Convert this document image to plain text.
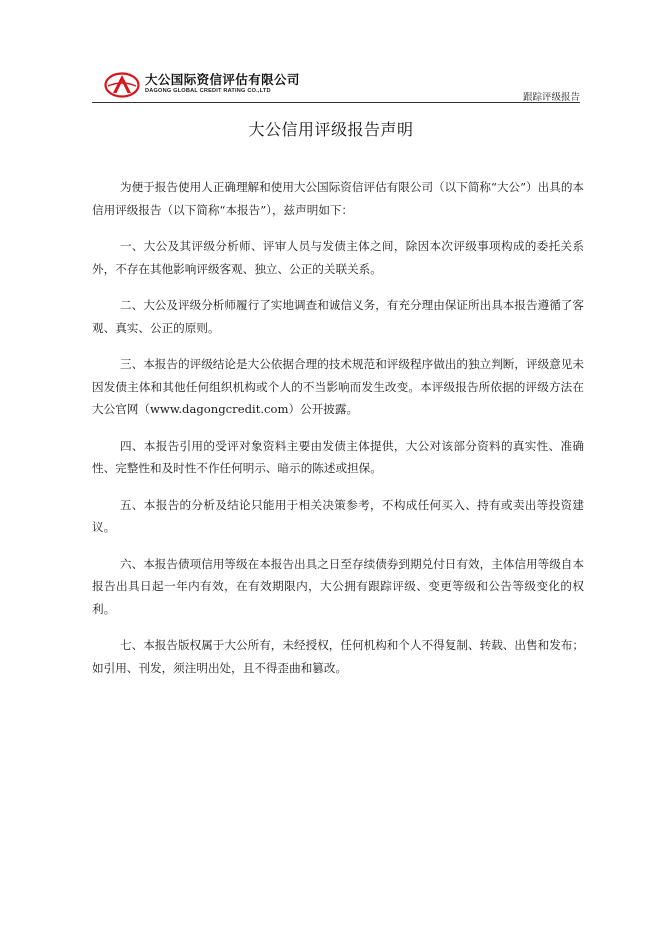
大公国际资信评估有限公司
DAGONG GLOBAL CREDIT RATING CO.,LTD
跟踪评级报告
大公信用评级报告声明

为便于报告使用人正确理解和使用大公国际资信评估有限公司（以下简称“大公”）出具的本信用评级报告（以下简称“本报告”），兹声明如下：

一、大公及其评级分析师、评审人员与发债主体之间，除因本次评级事项构成的委托关系外，不存在其他影响评级客观、独立、公正的关联关系。

二、大公及评级分析师履行了实地调查和诚信义务，有充分理由保证所出具本报告遵循了客观、真实、公正的原则。

三、本报告的评级结论是大公依据合理的技术规范和评级程序做出的独立判断，评级意见未因发债主体和其他任何组织机构或个人的不当影响而发生改变。本评级报告所依据的评级方法在大公官网（www.dagongcredit.com）公开披露。

四、本报告引用的受评对象资料主要由发债主体提供，大公对该部分资料的真实性、准确性、完整性和及时性不作任何明示、暗示的陈述或担保。

五、本报告的分析及结论只能用于相关决策参考，不构成任何买入、持有或卖出等投资建议。

六、本报告债项信用等级在本报告出具之日至存续债券到期兑付日有效，主体信用等级自本报告出具日起一年内有效，在有效期限内，大公拥有跟踪评级、变更等级和公告等级变化的权利。

七、本报告版权属于大公所有，未经授权，任何机构和个人不得复制、转载、出售和发布；如引用、刊发，须注明出处，且不得歪曲和篡改。
